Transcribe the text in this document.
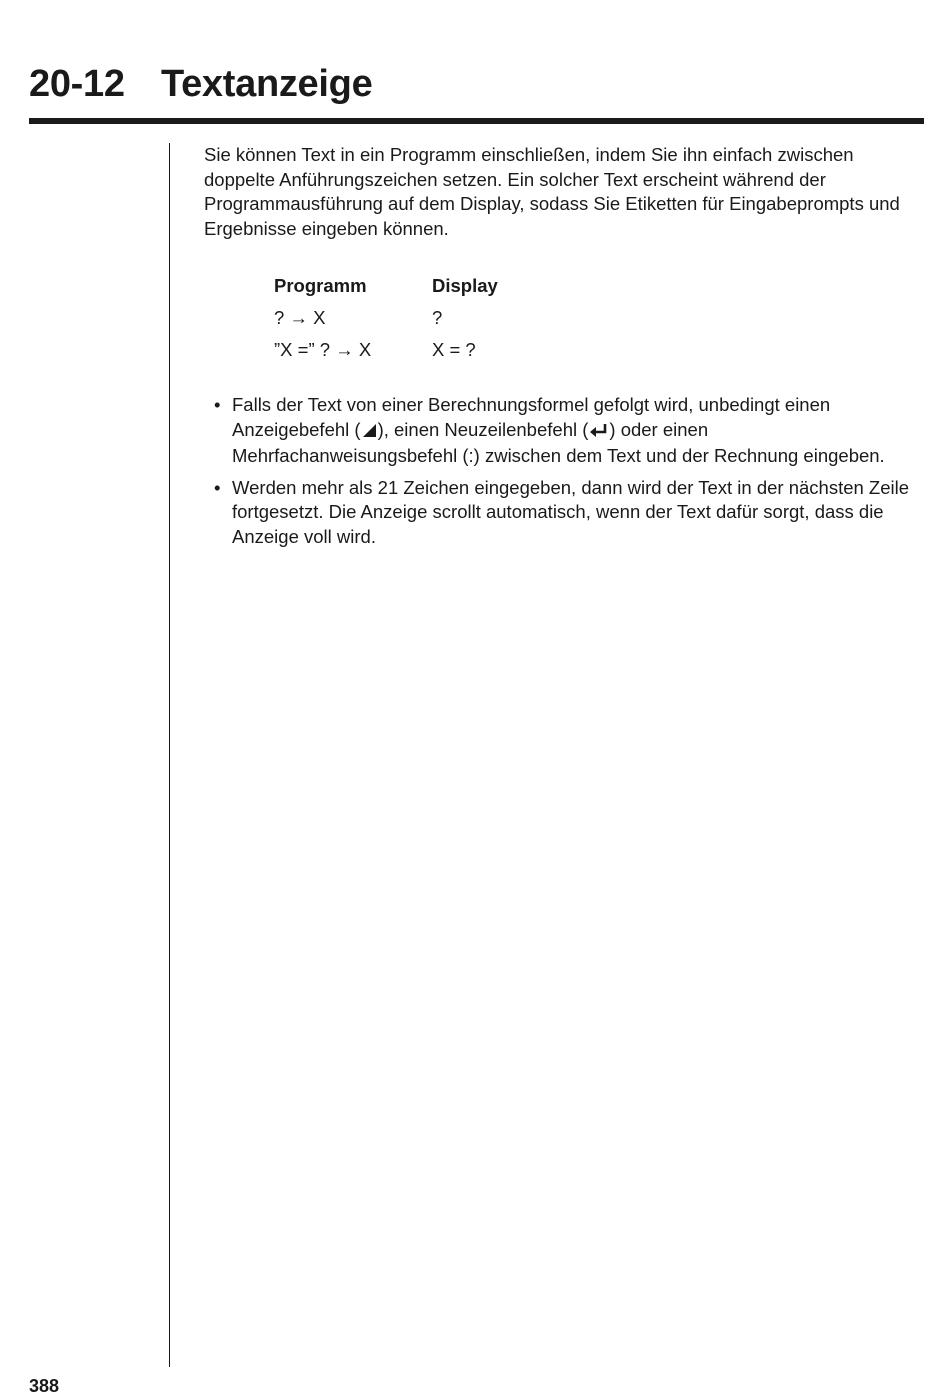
20-12 Textanzeige

Sie können Text in ein Programm einschließen, indem Sie ihn einfach zwischen doppelte Anführungszeichen setzen. Ein solcher Text erscheint während der Programmausführung auf dem Display, sodass Sie Etiketten für Eingabeprompts und Ergebnisse eingeben können.

Programm	Display
? → X	?
”X =” ? → X	X = ?
• Falls der Text von einer Berechnungsformel gefolgt wird, unbedingt einen Anzeigebefehl ( ), einen Neuzeilenbefehl ( ) oder einen Mehrfachanweisungsbefehl (:) zwischen dem Text und der Rechnung eingeben.
• Werden mehr als 21 Zeichen eingegeben, dann wird der Text in der nächsten Zeile fortgesetzt. Die Anzeige scrollt automatisch, wenn der Text dafür sorgt, dass die Anzeige voll wird.
388
